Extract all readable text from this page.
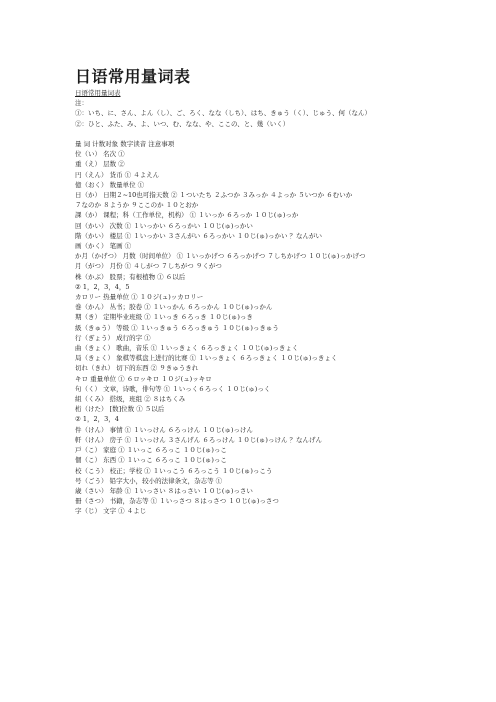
日语常用量词表
日语常用量词表
注：
①：いち、に、さん、よん（し）、ご、ろく、なな（しち）、はち、きゅう（く）、じゅう、何（なん）
②：ひと、ふた、み、よ、いつ、む、なな、や、ここの、と、幾（いく）
量 词 计数对象 数字读音 注意事项
位（い） 名次 ①
重（え） 层数 ②
円（えん） 货币 ① ４よえん
億（おく） 数量单位 ①
日（か） 日期２~10也可指天数 ② １ついたち ２ふつか ３みっか ４よっか ５いつか ６むいか
７なのか ８ようか ９ここのか １０とおか
課（か） 课程；科（工作单位，机构） ① １いっか ６ろっか １０じ(ゅ)っか
回（かい） 次数 ① １いっかい ６ろっかい １０じ(ゅ)っかい
階（かい） 楼层 ① １いっかい ３さんがい ６ろっかい １０じ(ゅ)っかい ？なんがい
画（かく） 笔画 ①
か月（かげつ） 月数（时间单位） ① １いっかげつ ６ろっかげつ ７しちかげつ １０じ(ゅ)っかげつ
月（がつ） 月份 ① ４しがつ ７しちがつ ９くがつ
株（かぶ） 股票；有根植物 ① ６以后
② 1，2，3，4，5
カロリー 热量单位 ① １０ジ(ュ)ッカロリー
巻（かん） 丛书；胶卷 ① １いっかん ６ろっかん １０じ(ゅ)っかん
期（き） 定期毕业班级 ① １いっき ６ろっき １０じ(ゅ)っき
級（きゅう） 等级 ① １いっきゅう ６ろっきゅう １０じ(ゅ)っきゅう
行（ぎょう） 成行的字 ①
曲（きょく） 歌曲，音乐 ① １いっきょく ６ろっきょく １０じ(ゅ)っきょく
局（きょく） 象棋等棋盘上进行的比赛 ① １いっきょく ６ろっきょく １０じ(ゅ)っきょく
切れ（きれ） 切下的东西 ② ９きゅうきれ
キロ 重量单位 ① ６ロッキロ １０ジ(ュ)ッキロ
句（く） 文章，诗歌，俳句等 ① １いっく６ろっく １０じ(ゅ)っく
組（くみ） 搭级，班组 ② ８はちくみ
桁（けた） [数]位数 ① ５以后
② 1，2，3，4
件（けん） 事情 ① １いっけん ６ろっけん １０じ(ゅ)っけん
軒（けん） 房子 ① １いっけん ３さんげん ６ろっけん １０じ(ゅ)っけん ？なんげん
戸（こ） 家庭 ① １いっこ ６ろっこ １０じ(ゅ)っこ
個（こ） 东西 ① １いっこ ６ろっこ １０じ(ゅ)っこ
校（こう） 校正；学校 ① １いっこう ６ろっこう １０じ(ゅ)っこう
号（ごう） 铅字大小，较小的法律条文，杂志等 ①
歳（さい） 年龄 ① １いっさい ８はっさい １０じ(ゅ)っさい
冊（さつ） 书籍，杂志等 ① １いっさつ ８はっさつ １０じ(ゅ)っさつ
字（じ） 文字 ① ４よじ
